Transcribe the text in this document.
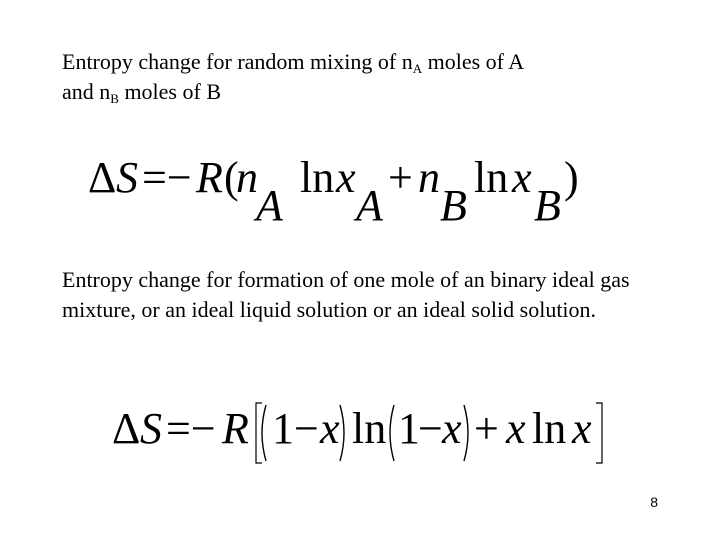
Entropy change for random mixing of $n_A$ moles of A
and $n_B$ moles of B
Δ S =− R (
n
A
ln x
A
+ n
B
ln x
B
)
Entropy change for formation of one mole of an binary ideal gas mixture, or an ideal liquid solution or an ideal solid solution.
Δ S =− R 1 − x ln 1
− x + x ln x
8
